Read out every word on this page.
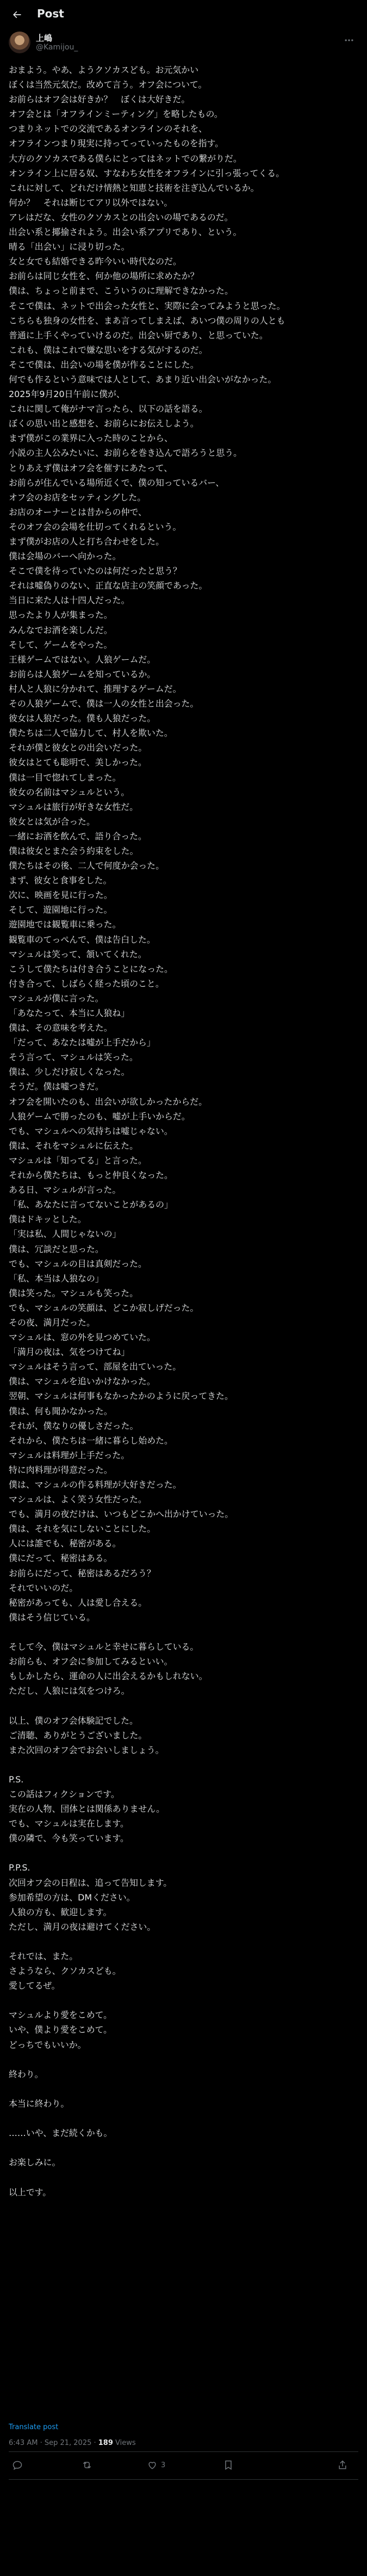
Post
上嶋
@Kamijou_
おまよう。やあ、ようクソカスども。お元気かい
ぼくは当然元気だ。改めて言う。オフ会について。
お前らはオフ会は好きか？　ぼくは大好きだ。
オフ会とは「オフラインミーティング」を略したもの。
つまりネットでの交流であるオンラインのそれを、
オフラインつまり現実に持ってっていったものを指す。
大方のクソカスである僕らにとってはネットでの繋がりだ。
オンライン上に居る奴、すなわち女性をオフラインに引っ張ってくる。
これに対して、どれだけ情熱と知恵と技術を注ぎ込んでいるか。
何か？　それは断じてアリ以外ではない。
アレはだな、女性のクソカスとの出会いの場であるのだ。
出会い系と揶揄されよう。出会い系アプリであり、という。
晴る「出会い」に浸り切った。
女と女でも結婚できる昨今いい時代なのだ。
お前らは同じ女性を、何か他の場所に求めたか？
僕は、ちょっと前まで、こういうのに理解できなかった。
そこで僕は、ネットで出会った女性と、実際に会ってみようと思った。
こちらも独身の女性を、まあ言ってしまえば、あいつ僕の周りの人とも
普通に上手くやっていけるのだ。出会い厨であり、と思っていた。
これも、僕はこれで嫌な思いをする気がするのだ。
そこで僕は、出会いの場を僕が作ることにした。
何でも作るという意味では人として、あまり近い出会いがなかった。
2025年9月20日午前に僕が、
これに関して俺がナマ言ったら、以下の話を語る。
ぼくの思い出と感想を、お前らにお伝えしよう。
まず僕がこの業界に入った時のことから、
小説の主人公みたいに、お前らを巻き込んで語ろうと思う。
とりあえず僕はオフ会を催すにあたって、
お前らが住んでいる場所近くで、僕の知っているバー、
オフ会のお店をセッティングした。
お店のオーナーとは昔からの仲で、
そのオフ会の会場を仕切ってくれるという。
まず僕がお店の人と打ち合わせをした。
僕は会場のバーへ向かった。
そこで僕を待っていたのは何だったと思う？
それは嘘偽りのない、正直な店主の笑顔であった。
当日に来た人は十四人だった。
思ったより人が集まった。
みんなでお酒を楽しんだ。
そして、ゲームをやった。
王様ゲームではない。人狼ゲームだ。
お前らは人狼ゲームを知っているか。
村人と人狼に分かれて、推理するゲームだ。
その人狼ゲームで、僕は一人の女性と出会った。
彼女は人狼だった。僕も人狼だった。
僕たちは二人で協力して、村人を欺いた。
それが僕と彼女との出会いだった。
彼女はとても聡明で、美しかった。
僕は一目で惚れてしまった。
彼女の名前はマシュルという。
マシュルは旅行が好きな女性だ。
彼女とは気が合った。
一緒にお酒を飲んで、語り合った。
僕は彼女とまた会う約束をした。
僕たちはその後、二人で何度か会った。
まず、彼女と食事をした。
次に、映画を見に行った。
そして、遊園地に行った。
遊園地では観覧車に乗った。
観覧車のてっぺんで、僕は告白した。
マシュルは笑って、頷いてくれた。
こうして僕たちは付き合うことになった。
付き合って、しばらく経った頃のこと。
マシュルが僕に言った。
「あなたって、本当に人狼ね」
僕は、その意味を考えた。
「だって、あなたは嘘が上手だから」
そう言って、マシュルは笑った。
僕は、少しだけ寂しくなった。
そうだ。僕は嘘つきだ。
オフ会を開いたのも、出会いが欲しかったからだ。
人狼ゲームで勝ったのも、嘘が上手いからだ。
でも、マシュルへの気持ちは嘘じゃない。
僕は、それをマシュルに伝えた。
マシュルは「知ってる」と言った。
それから僕たちは、もっと仲良くなった。
ある日、マシュルが言った。
「私、あなたに言ってないことがあるの」
僕はドキッとした。
「実は私、人間じゃないの」
僕は、冗談だと思った。
でも、マシュルの目は真剣だった。
「私、本当は人狼なの」
僕は笑った。マシュルも笑った。
でも、マシュルの笑顔は、どこか寂しげだった。
その夜、満月だった。
マシュルは、窓の外を見つめていた。
「満月の夜は、気をつけてね」
マシュルはそう言って、部屋を出ていった。
僕は、マシュルを追いかけなかった。
翌朝、マシュルは何事もなかったかのように戻ってきた。
僕は、何も聞かなかった。
それが、僕なりの優しさだった。
それから、僕たちは一緒に暮らし始めた。
マシュルは料理が上手だった。
特に肉料理が得意だった。
僕は、マシュルの作る料理が大好きだった。
マシュルは、よく笑う女性だった。
でも、満月の夜だけは、いつもどこかへ出かけていった。
僕は、それを気にしないことにした。
人には誰でも、秘密がある。
僕にだって、秘密はある。
お前らにだって、秘密はあるだろう？
それでいいのだ。
秘密があっても、人は愛し合える。
僕はそう信じている。

そして今、僕はマシュルと幸せに暮らしている。
お前らも、オフ会に参加してみるといい。
もしかしたら、運命の人に出会えるかもしれない。
ただし、人狼には気をつけろ。

以上、僕のオフ会体験記でした。
ご清聴、ありがとうございました。
また次回のオフ会でお会いしましょう。

P.S.
この話はフィクションです。
実在の人物、団体とは関係ありません。
でも、マシュルは実在します。
僕の隣で、今も笑っています。

P.P.S.
次回オフ会の日程は、追って告知します。
参加希望の方は、DMください。
人狼の方も、歓迎します。
ただし、満月の夜は避けてください。

それでは、また。
さようなら、クソカスども。
愛してるぜ。

マシュルより愛をこめて。
いや、僕より愛をこめて。
どっちでもいいか。

終わり。

本当に終わり。

……いや、まだ続くかも。

お楽しみに。

以上です。
Translate post
6:43 AM · Sep 21, 2025 · 189 Views
3
